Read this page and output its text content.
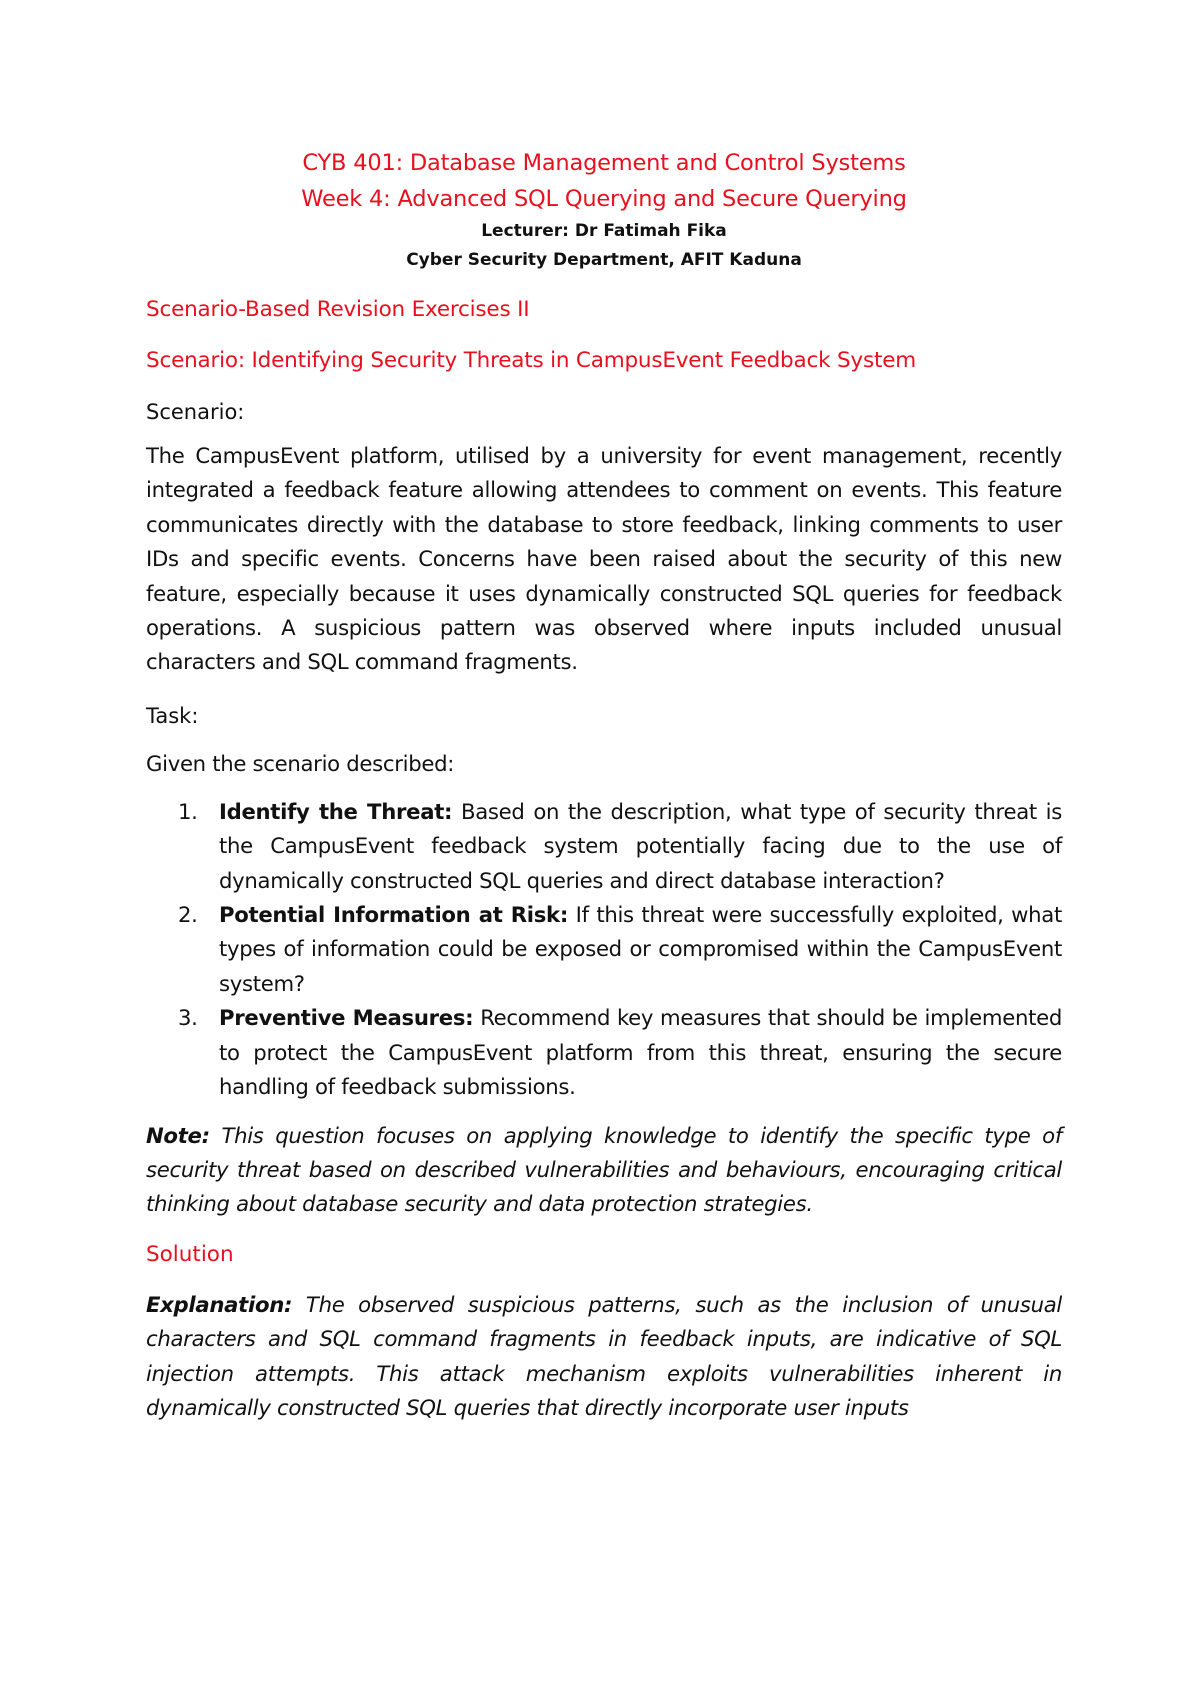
CYB 401: Database Management and Control Systems

Week 4: Advanced SQL Querying and Secure Querying

Lecturer: Dr Fatimah Fika

Cyber Security Department, AFIT Kaduna

Scenario-Based Revision Exercises II
Scenario: Identifying Security Threats in CampusEvent Feedback System

Scenario:

The CampusEvent platform, utilised by a university for event management, recently integrated a feedback feature allowing attendees to comment on events. This feature communicates directly with the database to store feedback, linking comments to user IDs and specific events. Concerns have been raised about the security of this new feature, especially because it uses dynamically constructed SQL queries for feedback operations. A suspicious pattern was observed where inputs included unusual characters and SQL command fragments.

Task:

Given the scenario described:

1. Identify the Threat: Based on the description, what type of security threat is the CampusEvent feedback system potentially facing due to the use of dynamically constructed SQL queries and direct database interaction?
2. Potential Information at Risk: If this threat were successfully exploited, what types of information could be exposed or compromised within the CampusEvent system?
3. Preventive Measures: Recommend key measures that should be implemented to protect the CampusEvent platform from this threat, ensuring the secure handling of feedback submissions.

Note: This question focuses on applying knowledge to identify the specific type of security threat based on described vulnerabilities and behaviours, encouraging critical thinking about database security and data protection strategies.

Solution

Explanation: The observed suspicious patterns, such as the inclusion of unusual characters and SQL command fragments in feedback inputs, are indicative of SQL injection attempts. This attack mechanism exploits vulnerabilities inherent in dynamically constructed SQL queries that directly incorporate user inputs
